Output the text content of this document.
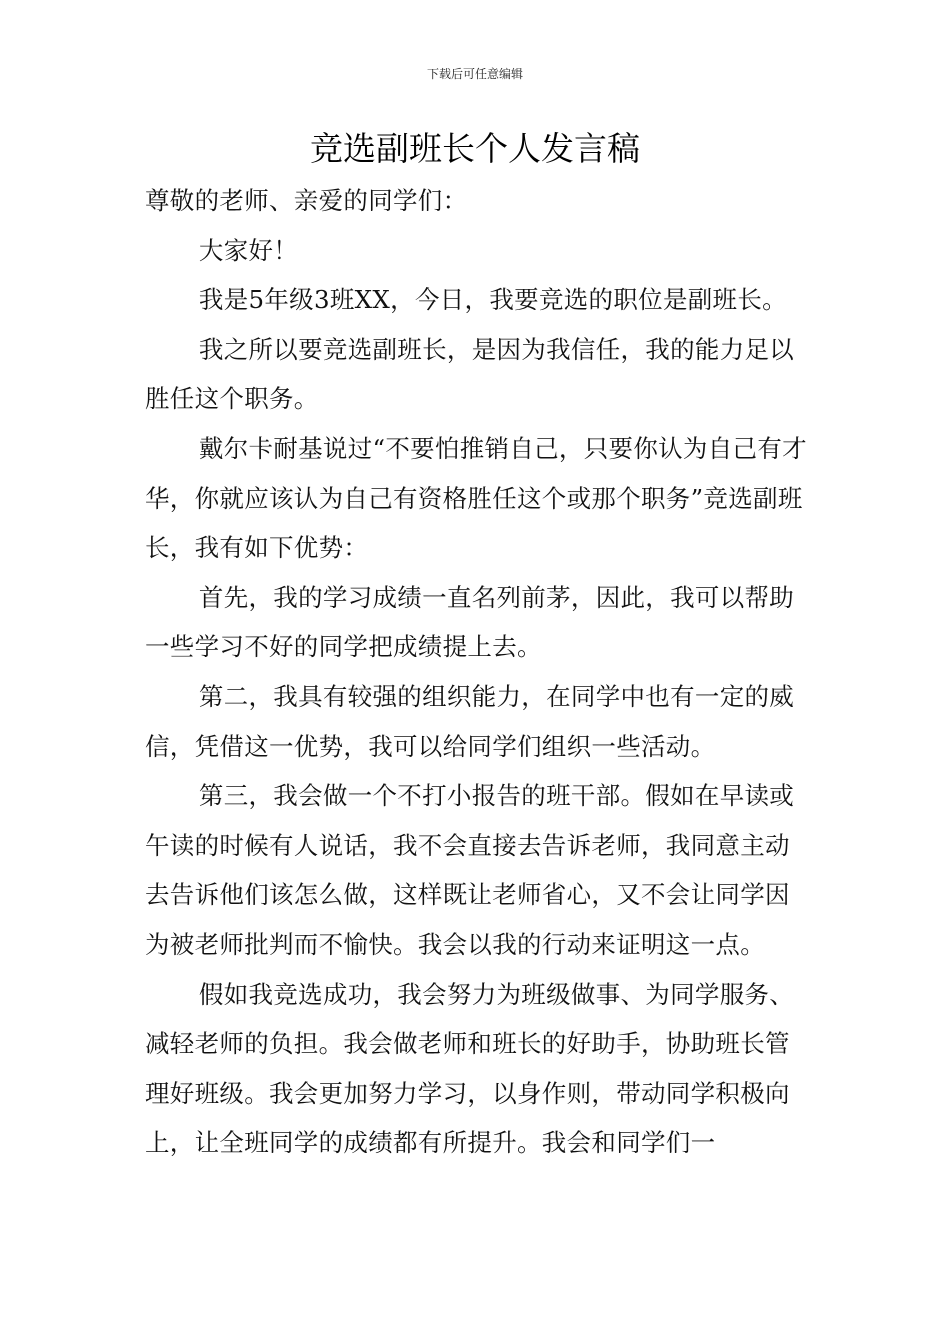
下载后可任意编辑
竞选副班长个人发言稿

尊敬的老师、亲爱的同学们：

大家好！

我是5年级3班XX，今日，我要竞选的职位是副班长。

我之所以要竞选副班长，是因为我信任，我的能力足以胜任这个职务。

戴尔卡耐基说过“不要怕推销自己，只要你认为自己有才华，你就应该认为自己有资格胜任这个或那个职务”竞选副班长，我有如下优势：

首先，我的学习成绩一直名列前茅，因此，我可以帮助一些学习不好的同学把成绩提上去。

第二，我具有较强的组织能力，在同学中也有一定的威信，凭借这一优势，我可以给同学们组织一些活动。

第三，我会做一个不打小报告的班干部。假如在早读或午读的时候有人说话，我不会直接去告诉老师，我同意主动去告诉他们该怎么做，这样既让老师省心，又不会让同学因为被老师批判而不愉快。我会以我的行动来证明这一点。

假如我竞选成功，我会努力为班级做事、为同学服务、减轻老师的负担。我会做老师和班长的好助手，协助班长管理好班级。我会更加努力学习，以身作则，带动同学积极向上，让全班同学的成绩都有所提升。我会和同学们一
